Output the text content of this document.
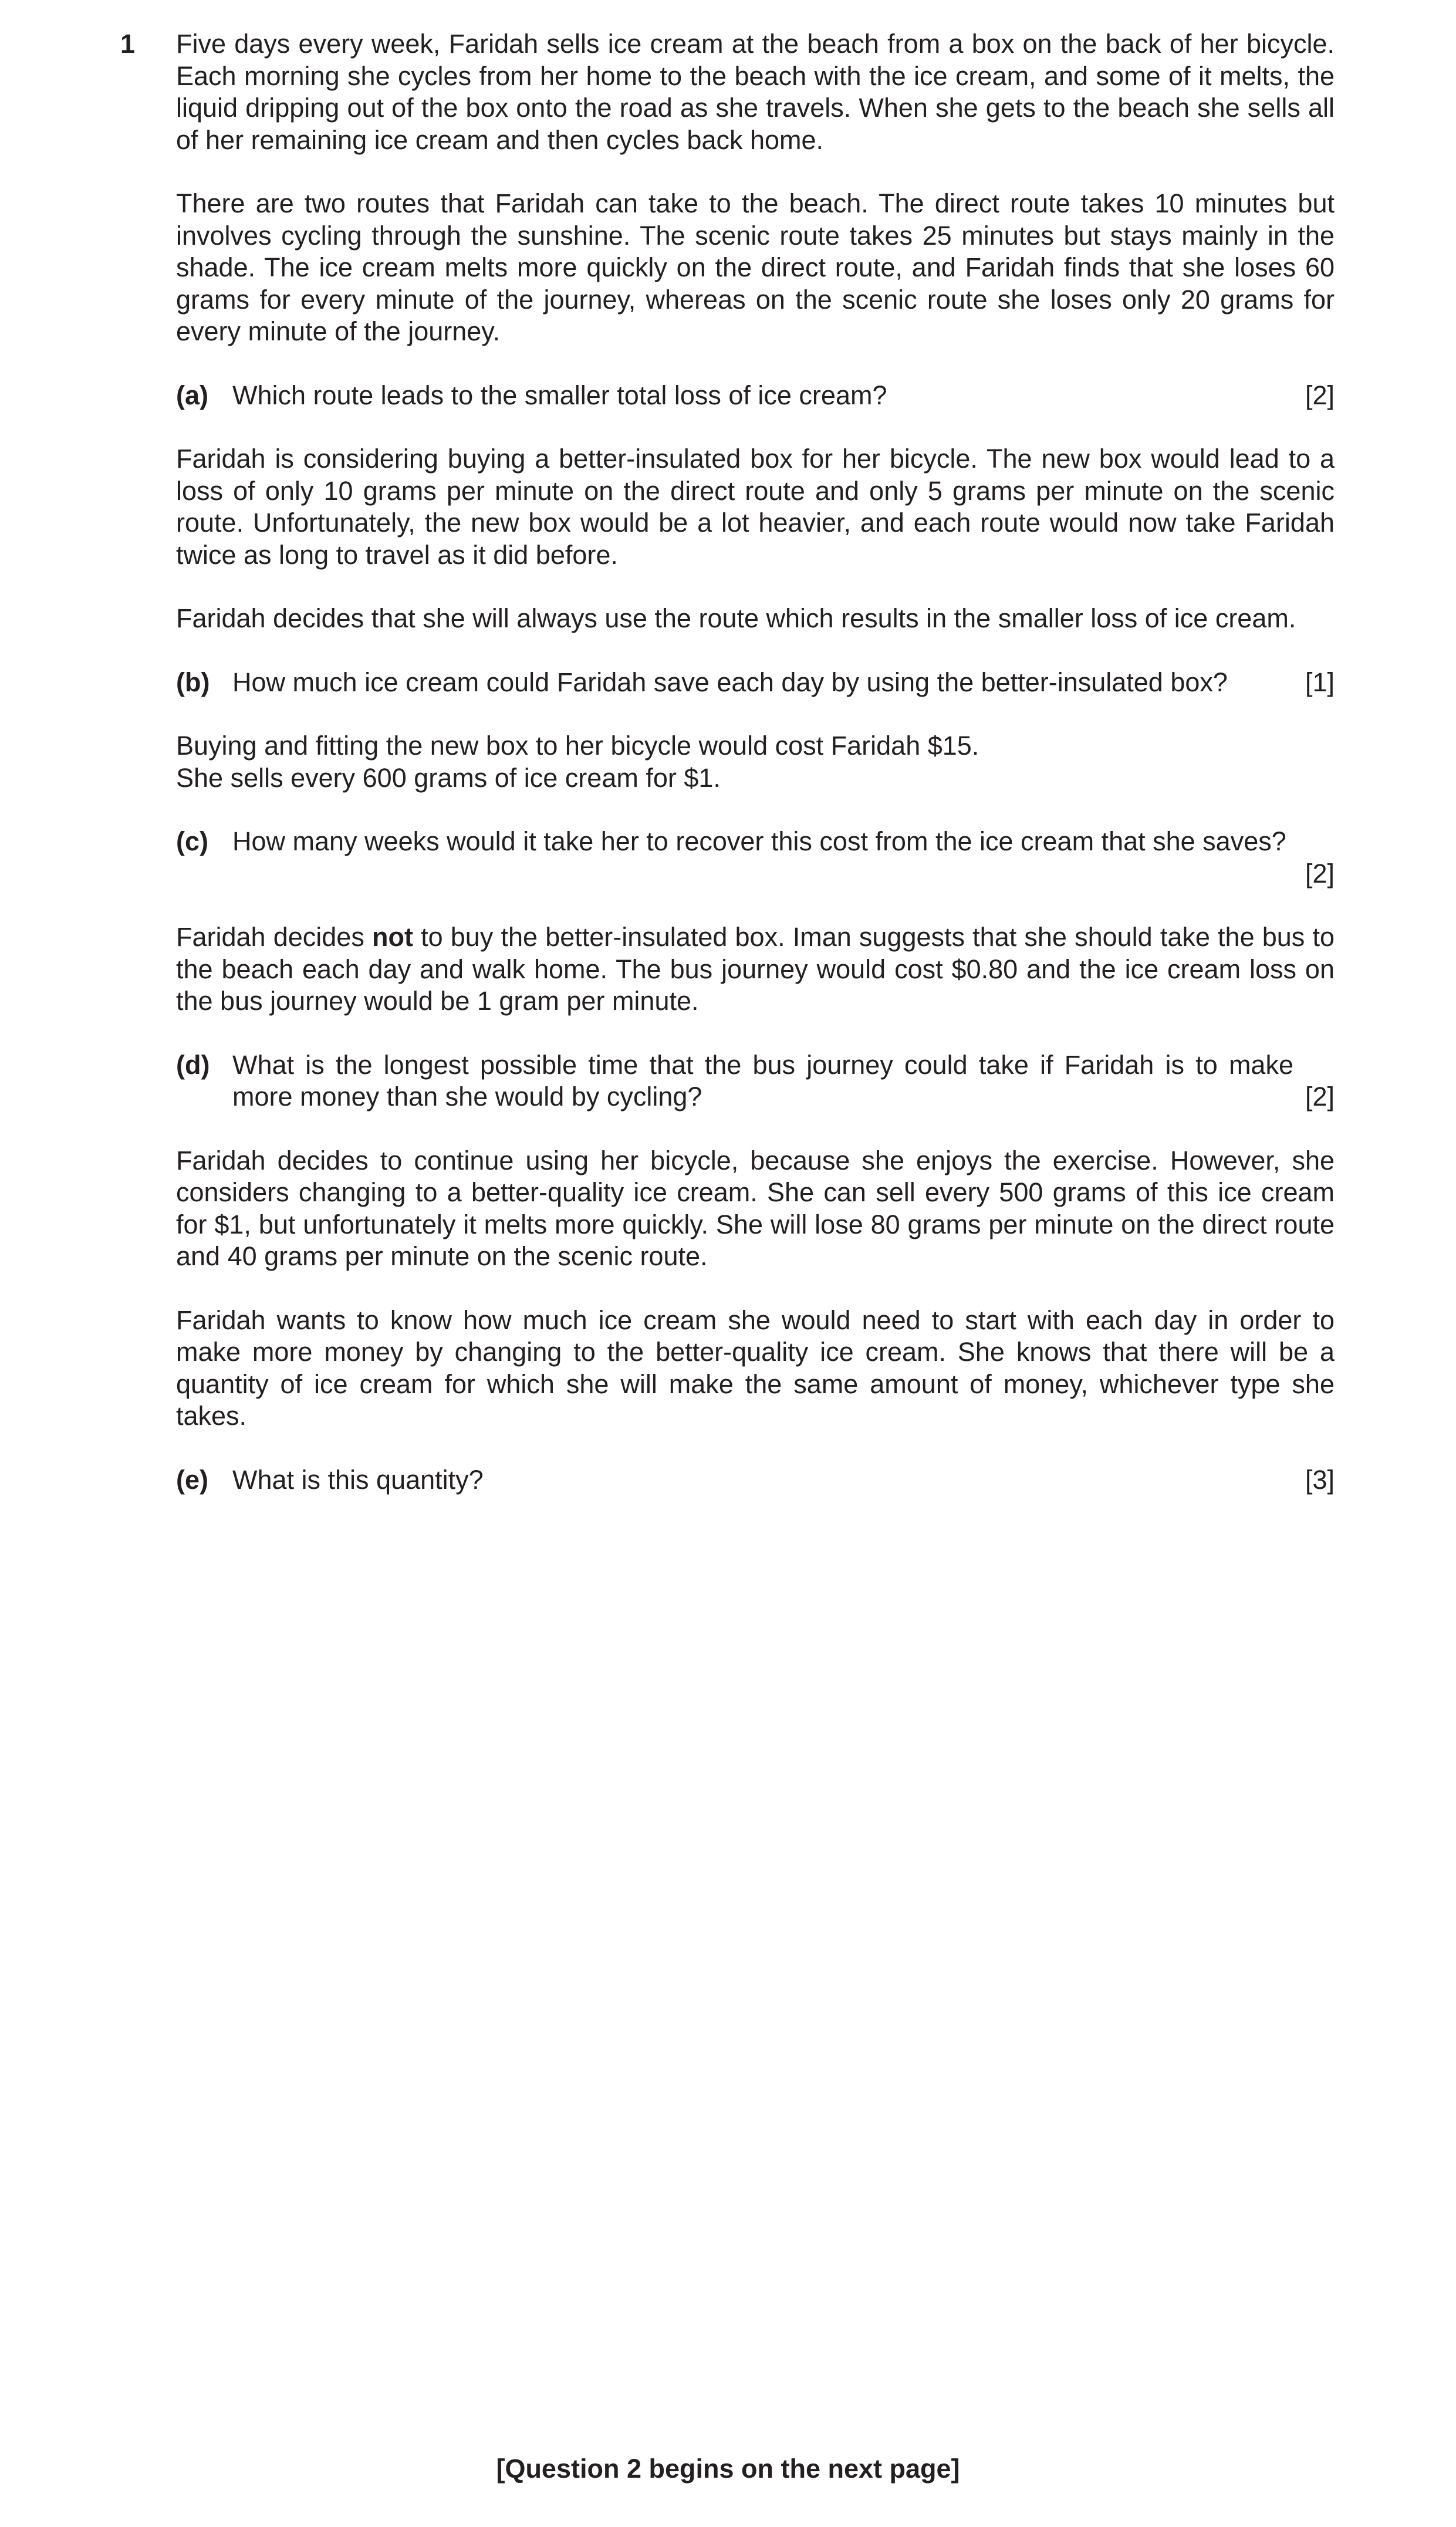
1 Five days every week, Faridah sells ice cream at the beach from a box on the back of her bicycle. Each morning she cycles from her home to the beach with the ice cream, and some of it melts, the liquid dripping out of the box onto the road as she travels. When she gets to the beach she sells all of her remaining ice cream and then cycles back home.

There are two routes that Faridah can take to the beach. The direct route takes 10 minutes but involves cycling through the sunshine. The scenic route takes 25 minutes but stays mainly in the shade. The ice cream melts more quickly on the direct route, and Faridah finds that she loses 60 grams for every minute of the journey, whereas on the scenic route she loses only 20 grams for every minute of the journey.

(a) Which route leads to the smaller total loss of ice cream?	[2]

Faridah is considering buying a better-insulated box for her bicycle. The new box would lead to a loss of only 10 grams per minute on the direct route and only 5 grams per minute on the scenic route. Unfortunately, the new box would be a lot heavier, and each route would now take Faridah twice as long to travel as it did before.

Faridah decides that she will always use the route which results in the smaller loss of ice cream.

(b) How much ice cream could Faridah save each day by using the better-insulated box?	[1]

Buying and fitting the new box to her bicycle would cost Faridah $15.
She sells every 600 grams of ice cream for $1.

(c) How many weeks would it take her to recover this cost from the ice cream that she saves?
[2]

Faridah decides not to buy the better-insulated box. Iman suggests that she should take the bus to the beach each day and walk home. The bus journey would cost $0.80 and the ice cream loss on the bus journey would be 1 gram per minute.

(d) What is the longest possible time that the bus journey could take if Faridah is to make more money than she would by cycling?	[2]

Faridah decides to continue using her bicycle, because she enjoys the exercise. However, she considers changing to a better-quality ice cream. She can sell every 500 grams of this ice cream for $1, but unfortunately it melts more quickly. She will lose 80 grams per minute on the direct route and 40 grams per minute on the scenic route.

Faridah wants to know how much ice cream she would need to start with each day in order to make more money by changing to the better-quality ice cream. She knows that there will be a quantity of ice cream for which she will make the same amount of money, whichever type she takes.

(e) What is this quantity?	[3]
[Question 2 begins on the next page]
